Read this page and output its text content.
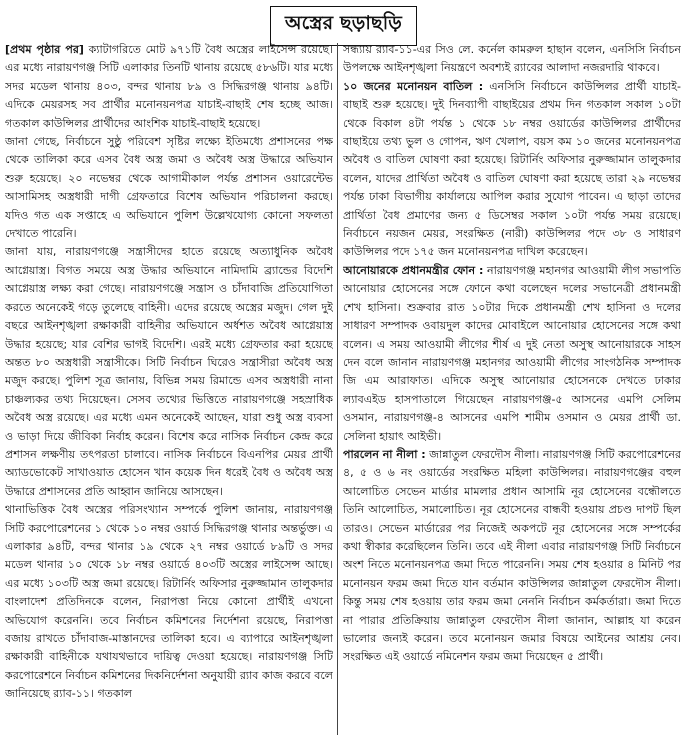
অস্ত্রের ছড়াছড়ি

[প্রথম পৃষ্ঠার পর] ক্যাটাগরিতে মোট ৯৭১টি বৈধ অস্ত্রের লাইসেন্স রয়েছে। এর মধ্যে নারায়ণগঞ্জ সিটি এলাকার তিনটি থানায় রয়েছে ৫৮৬টি। যার মধ্যে সদর মডেল থানায় ৪০৩, বন্দর থানায় ৮৯ ও সিদ্ধিরগঞ্জ থানায় ৯৪টি। এদিকে মেয়রসহ সব প্রার্থীর মনোনয়নপত্র যাচাই-বাছাই শেষ হচ্ছে আজ। গতকাল কাউন্সিলর প্রার্থীদের আংশিক যাচাই-বাছাই হয়েছে।

জানা গেছে, নির্বাচনে সুষ্ঠু পরিবেশ সৃষ্টির লক্ষ্যে ইতিমধ্যে প্রশাসনের পক্ষ থেকে তালিকা করে এসব বৈধ অস্ত্র জমা ও অবৈধ অস্ত্র উদ্ধারে অভিযান শুরু হয়েছে। ২০ নভেম্বর থেকে আগামীকাল পর্যন্ত প্রশাসন ওয়ারেন্টেভ আসামিসহ অস্ত্রধারী দাগী গ্রেফতারে বিশেষ অভিযান পরিচালনা করছে। যদিও গত এক সপ্তাহে এ অভিযানে পুলিশ উল্লেখযোগ্য কোনো সফলতা দেখাতে পারেনি।

জানা যায়, নারায়ণগঞ্জে সন্ত্রাসীদের হাতে রয়েছে অত্যাধুনিক অবৈধ আগ্নেয়াস্ত্র। বিগত সময়ে অস্ত্র উদ্ধার অভিযানে নামিদামি ব্র্যান্ডের বিদেশি আগ্নেয়াস্ত্র লক্ষ্য করা গেছে। নারায়ণগঞ্জে সন্ত্রাস ও চাঁদাবাজি প্রতিযোগিতা করতে অনেকেই গড়ে তুলেছে বাহিনী। এদের রয়েছে অস্ত্রের মজুদ। গেল দুই বছরে আইনশৃঙ্খলা রক্ষাকারী বাহিনীর অভিযানে অর্ধশত অবৈধ আগ্নেয়াস্ত্র উদ্ধার হয়েছে; যার বেশির ভাগই বিদেশি। এরই মধ্যে গ্রেফতার করা হয়েছে অন্তত ৮০ অস্ত্রধারী সন্ত্রাসীকে। সিটি নির্বাচন ঘিরেও সন্ত্রাসীরা অবৈধ অস্ত্র মজুদ করছে। পুলিশ সূত্র জানায়, বিভিন্ন সময় রিমান্ডে এসব অস্ত্রধারী নানা চাঞ্চল্যকর তথ্য দিয়েছেন। সেসব তথ্যের ভিত্তিতে নারায়ণগঞ্জে সহস্রাধিক অবৈধ অস্ত্র রয়েছে। এর মধ্যে এমন অনেকেই আছেন, যারা শুধু অস্ত্র ব্যবসা ও ভাড়া দিয়ে জীবিকা নির্বাহ করেন। বিশেষ করে নাসিক নির্বাচন কেন্দ্র করে প্রশাসন লক্ষণীয় তৎপরতা চালাবে। নাসিক নির্বাচনে বিএনপির মেয়র প্রার্থী অ্যাডভোকেট সাখাওয়াত হোসেন খান কয়েক দিন ধরেই বৈধ ও অবৈধ অস্ত্র উদ্ধারে প্রশাসনের প্রতি আহ্বান জানিয়ে আসছেন।

থানাভিত্তিক বৈধ অস্ত্রের পরিসংখ্যান সম্পর্কে পুলিশ জানায়, নারায়ণগঞ্জ সিটি করপোরেশনের ১ থেকে ১০ নম্বর ওয়ার্ড সিদ্ধিরগঞ্জ থানার অন্তর্ভুক্ত। এ এলাকার ৯৪টি, বন্দর থানার ১৯ থেকে ২৭ নম্বর ওয়ার্ডে ৮৯টি ও সদর মডেল থানার ১০ থেকে ১৮ নম্বর ওয়ার্ডে ৪০৩টি অস্ত্রের লাইসেন্স আছে। এর মধ্যে ১০৩টি অস্ত্র জমা রয়েছে। রিটার্নিং অফিসার নুরুজ্জামান তালুকদার বাংলাদেশ প্রতিদিনকে বলেন, নিরাপত্তা নিয়ে কোনো প্রার্থীই এখনো অভিযোগ করেননি। তবে নির্বাচন কমিশনের নির্দেশনা রয়েছে, নিরাপত্তা বজায় রাখতে চাঁদাবাজ-মাস্তানদের তালিকা হবে। এ ব্যাপারে আইনশৃঙ্খলা রক্ষাকারী বাহিনীকে যথাযথভাবে দায়িত্ব দেওয়া হয়েছে। নারায়ণগঞ্জ সিটি করপোরেশনে নির্বাচন কমিশনের দিকনির্দেশনা অনুযায়ী র‍্যাব কাজ করবে বলে জানিয়েছে র‍্যাব-১১। গতকাল

সন্ধ্যায় র‍্যাব-১১-এর সিও লে. কর্নেল কামরুল হাছান বলেন, এনসিসি নির্বাচন উপলক্ষে আইনশৃঙ্খলা নিয়ন্ত্রণে অবশ্যই র‍্যাবের আলাদা নজরদারি থাকবে।

১০ জনের মনোনয়ন বাতিল : এনসিসি নির্বাচনে কাউন্সিলর প্রার্থী যাচাই-বাছাই শুরু হয়েছে। দুই দিনব্যাপী বাছাইয়ের প্রথম দিন গতকাল সকাল ১০টা থেকে বিকাল ৪টা পর্যন্ত ১ থেকে ১৮ নম্বর ওয়ার্ডের কাউন্সিলর প্রার্থীদের বাছাইয়ে তথ্য ভুল ও গোপন, ঋণ খেলাপ, বয়স কম ১০ জনের মনোনয়নপত্র অবৈধ ও বাতিল ঘোষণা করা হয়েছে। রিটার্নিং অফিসার নুরুজ্জামান তালুকদার বলেন, যাদের প্রার্থিতা অবৈধ ও বাতিল ঘোষণা করা হয়েছে তারা ২৯ নভেম্বর পর্যন্ত ঢাকা বিভাগীয় কার্যালয়ে আপিল করার সুযোগ পাবেন। এ ছাড়া তাদের প্রার্থিতা বৈধ প্রমাণের জন্য ৫ ডিসেম্বর সকাল ১০টা পর্যন্ত সময় রয়েছে। নির্বাচনে নয়জন মেয়র, সংরক্ষিত (নারী) কাউন্সিলর পদে ৩৮ ও সাধারণ কাউন্সিলর পদে ১৭৫ জন মনোনয়নপত্র দাখিল করেছেন।

আনোয়ারকে প্রধানমন্ত্রীর ফোন : নারায়ণগঞ্জ মহানগর আওয়ামী লীগ সভাপতি আনোয়ার হোসেনের সঙ্গে ফোনে কথা বলেছেন দলের সভানেত্রী প্রধানমন্ত্রী শেখ হাসিনা। শুক্রবার রাত ১০টার দিকে প্রধানমন্ত্রী শেখ হাসিনা ও দলের সাধারণ সম্পাদক ওবায়দুল কাদের মোবাইলে আনোয়ার হোসেনের সঙ্গে কথা বলেন। এ সময় আওয়ামী লীগের শীর্ষ এ দুই নেতা অসুস্থ আনোয়ারকে সাহস দেন বলে জানান নারায়ণগঞ্জ মহানগর আওয়ামী লীগের সাংগঠনিক সম্পাদক জি এম আরাফাত। এদিকে অসুস্থ আনোয়ার হোসেনকে দেখতে ঢাকার ল্যাবএইড হাসপাতালে গিয়েছেন নারায়ণগঞ্জ-৫ আসনের এমপি সেলিম ওসমান, নারায়ণগঞ্জ-৪ আসনের এমপি শামীম ওসমান ও মেয়র প্রার্থী ডা. সেলিনা হায়াৎ আইভী।

পারলেন না নীলা : জান্নাতুল ফেরদৌস নীলা। নারায়ণগঞ্জ সিটি করপোরেশনের ৪, ৫ ও ৬ নং ওয়ার্ডের সংরক্ষিত মহিলা কাউন্সিলর। নারায়ণগঞ্জের বহুল আলোচিত সেভেন মার্ডার মামলার প্রধান আসামি নূর হোসেনের বন্ধৌলতে তিনি আলোচিত, সমালোচিত। নূর হোসেনের বান্ধবী হওয়ায় প্রচণ্ড দাপট ছিল তারও। সেভেন মার্ডারের পর নিজেই অকপটে নূর হোসেনের সঙ্গে সম্পর্কের কথা স্বীকার করেছিলেন তিনি। তবে এই নীলা এবার নারায়ণগঞ্জ সিটি নির্বাচনে অংশ নিতে মনোনয়নপত্র জমা দিতে পারেননি। সময় শেষ হওয়ার ৪ মিনিট পর মনোনয়ন ফরম জমা দিতে যান বর্তমান কাউন্সিলর জান্নাতুল ফেরদৌস নীলা। কিন্তু সময় শেষ হওয়ায় তার ফরম জমা নেননি নির্বাচন কর্মকর্তারা। জমা দিতে না পারার প্রতিক্রিয়ায় জান্নাতুল ফেরদৌস নীলা জানান, আল্লাহ যা করেন ভালোর জন্যই করেন। তবে মনোনয়ন জমার বিষয়ে আইনের আশ্রয় নেব। সংরক্ষিত এই ওয়ার্ডে নমিনেশন ফরম জমা দিয়েছেন ৫ প্রার্থী।
